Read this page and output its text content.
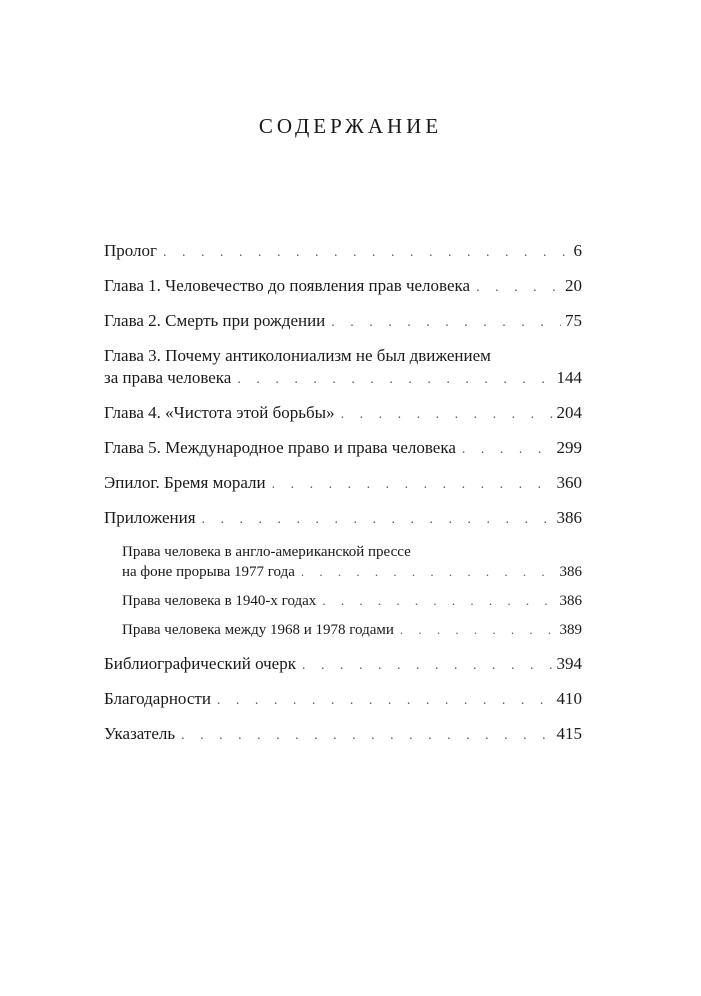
СОДЕРЖАНИЕ
Пролог . . .	6
Глава 1. Человечество до появления прав человека . . .	20
Глава 2. Смерть при рождении . . .	75
Глава 3. Почему антиколониализм не был движением
за права человека . . .	144
Глава 4. «Чистота этой борьбы» . . .	204
Глава 5. Международное право и права человека . . .	299
Эпилог. Бремя морали . . .	360
Приложения . . .	386
Права человека в англо-американской прессе
на фоне прорыва 1977 года . . .	386
Права человека в 1940-х годах . . .	386
Права человека между 1968 и 1978 годами . . .	389
Библиографический очерк . . .	394
Благодарности . . .	410
Указатель . . .	415
